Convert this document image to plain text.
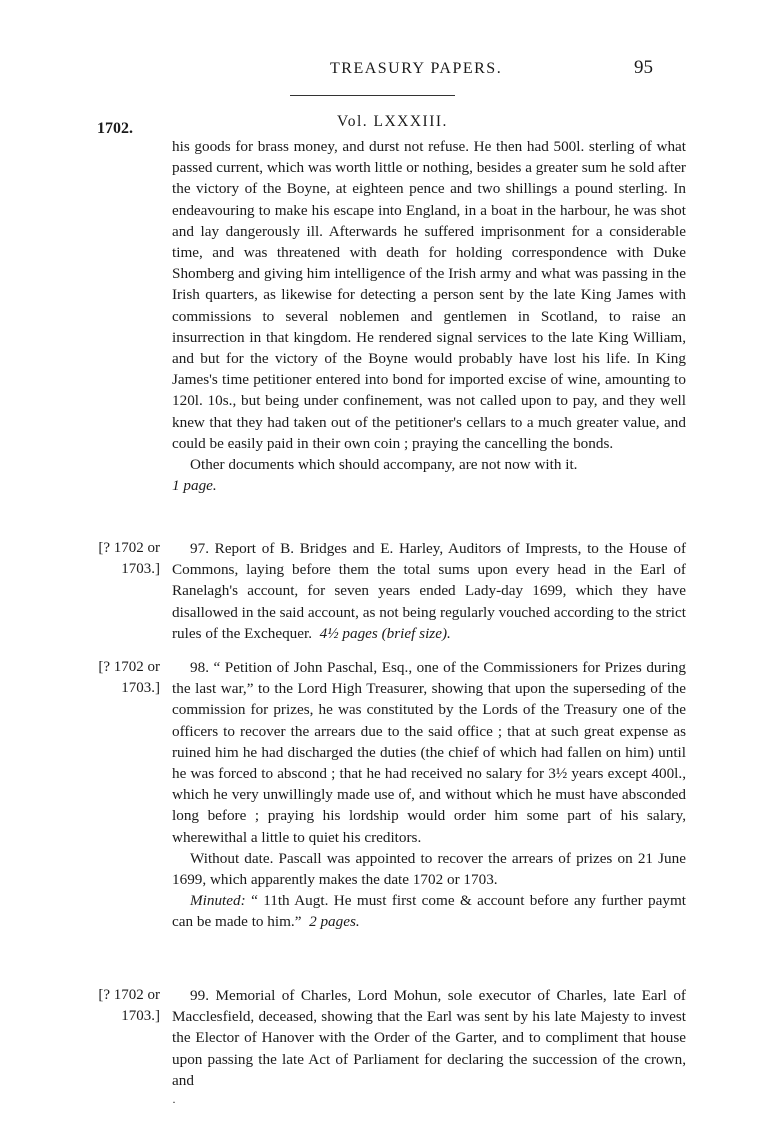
TREASURY PAPERS.	95
Vol. LXXXIII.
1702.

his goods for brass money, and durst not refuse. He then had 500l. sterling of what passed current, which was worth little or nothing, besides a greater sum he sold after the victory of the Boyne, at eighteen pence and two shillings a pound sterling. In endeavouring to make his escape into England, in a boat in the harbour, he was shot and lay dangerously ill. Afterwards he suffered imprisonment for a considerable time, and was threatened with death for holding correspondence with Duke Shomberg and giving him intelligence of the Irish army and what was passing in the Irish quarters, as likewise for detecting a person sent by the late King James with commissions to several noblemen and gentlemen in Scotland, to raise an insurrection in that kingdom. He rendered signal services to the late King William, and but for the victory of the Boyne would probably have lost his life. In King James's time petitioner entered into bond for imported excise of wine, amounting to 120l. 10s., but being under confinement, was not called upon to pay, and they well knew that they had taken out of the petitioner's cellars to a much greater value, and could be easily paid in their own coin ; praying the cancelling the bonds.

Other documents which should accompany, are not now with it.

1 page.

[? 1702 or
1703.]

97. Report of B. Bridges and E. Harley, Auditors of Imprests, to the House of Commons, laying before them the total sums upon every head in the Earl of Ranelagh's account, for seven years ended Lady-day 1699, which they have disallowed in the said account, as not being regularly vouched according to the strict rules of the Exchequer. 4½ pages (brief size).

[? 1702 or
1703.]

98. “ Petition of John Paschal, Esq., one of the Commissioners for Prizes during the last war,” to the Lord High Treasurer, showing that upon the superseding of the commission for prizes, he was constituted by the Lords of the Treasury one of the officers to recover the arrears due to the said office ; that at such great expense as ruined him he had discharged the duties (the chief of which had fallen on him) until he was forced to abscond ; that he had received no salary for 3½ years except 400l., which he very unwillingly made use of, and without which he must have absconded long before ; praying his lordship would order him some part of his salary, wherewithal a little to quiet his creditors.

Without date. Pascall was appointed to recover the arrears of prizes on 21 June 1699, which apparently makes the date 1702 or 1703.

Minuted: “ 11th Augt. He must first come & account before any further paymt can be made to him.” 2 pages.

[? 1702 or
1703.]

99. Memorial of Charles, Lord Mohun, sole executor of Charles, late Earl of Macclesfield, deceased, showing that the Earl was sent by his late Majesty to invest the Elector of Hanover with the Order of the Garter, and to compliment that house upon passing the late Act of Parliament for declaring the succession of the crown, and

·
